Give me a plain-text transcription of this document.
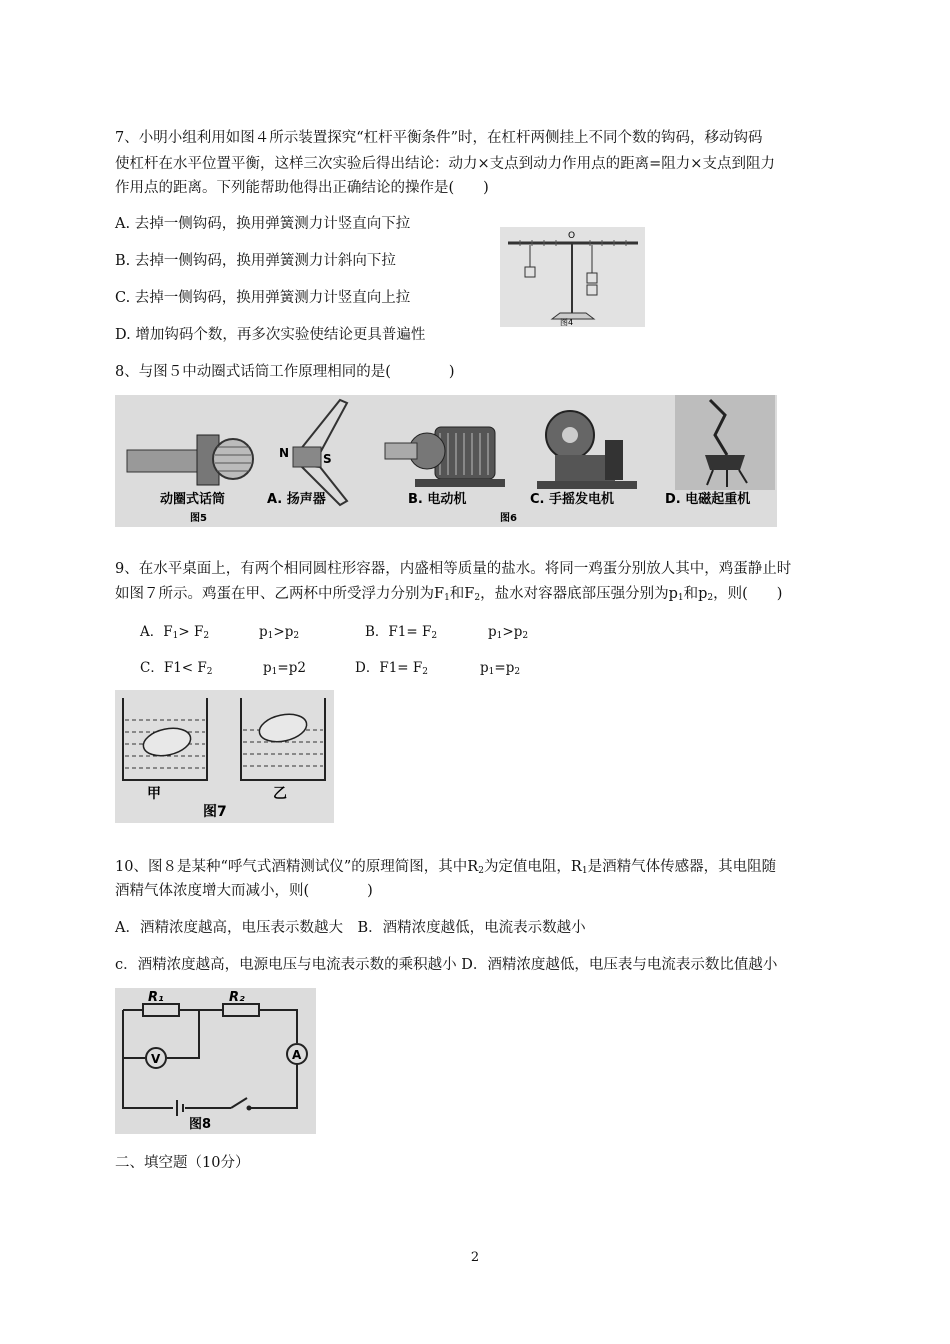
7、小明小组利用如图４所示装置探究“杠杆平衡条件”时，在杠杆两侧挂上不同个数的钩码，移动钩码
使杠杆在水平位置平衡，这样三次实验后得出结论：动力×支点到动力作用点的距离=阻力×支点到阻力
作用点的距离。下列能帮助他得出正确结论的操作是(　　)
A. 去掉一侧钩码，换用弹簧测力计竖直向下拉
B. 去掉一侧钩码，换用弹簧测力计斜向下拉
C. 去掉一侧钩码，换用弹簧测力计竖直向上拉
D. 增加钩码个数，再多次实验使结论更具普遍性
O
图4
8、与图５中动圈式话筒工作原理相同的是(　　　　)
N	S
动圈式话筒	A. 扬声器	B. 电动机	C. 手摇发电机	D. 电磁起重机
图5	图6
9、在水平桌面上，有两个相同圆柱形容器，内盛相等质量的盐水。将同一鸡蛋分别放人其中，鸡蛋静止时
如图７所示。鸡蛋在甲、乙两杯中所受浮力分别为$F_1$和$F_2$，盐水对容器底部压强分别为$p_1$和$p_2$，则(　　)
A．$F_1> F_2$	$p_1>p_2$	B．$F1= F_2$	$p_1>p_2$
C．$F1< F_2$	$p_1=p2$	D．$F1= F_2$	$p_1=p_2$
甲	乙
图7
10、图８是某种“呼气式酒精测试仪”的原理简图，其中$R_2$为定值电阻，$R_1$是酒精气体传感器，其电阻随
酒精气体浓度增大而减小，则(　　　　)
A．酒精浓度越高，电压表示数越大　B．酒精浓度越低，电流表示数越小
c．酒精浓度越高，电源电压与电流表示数的乘积越小 D．酒精浓度越低，电压表与电流表示数比值越小
R₁	R₂
V	A
图8
二、填空题（10分）
2
